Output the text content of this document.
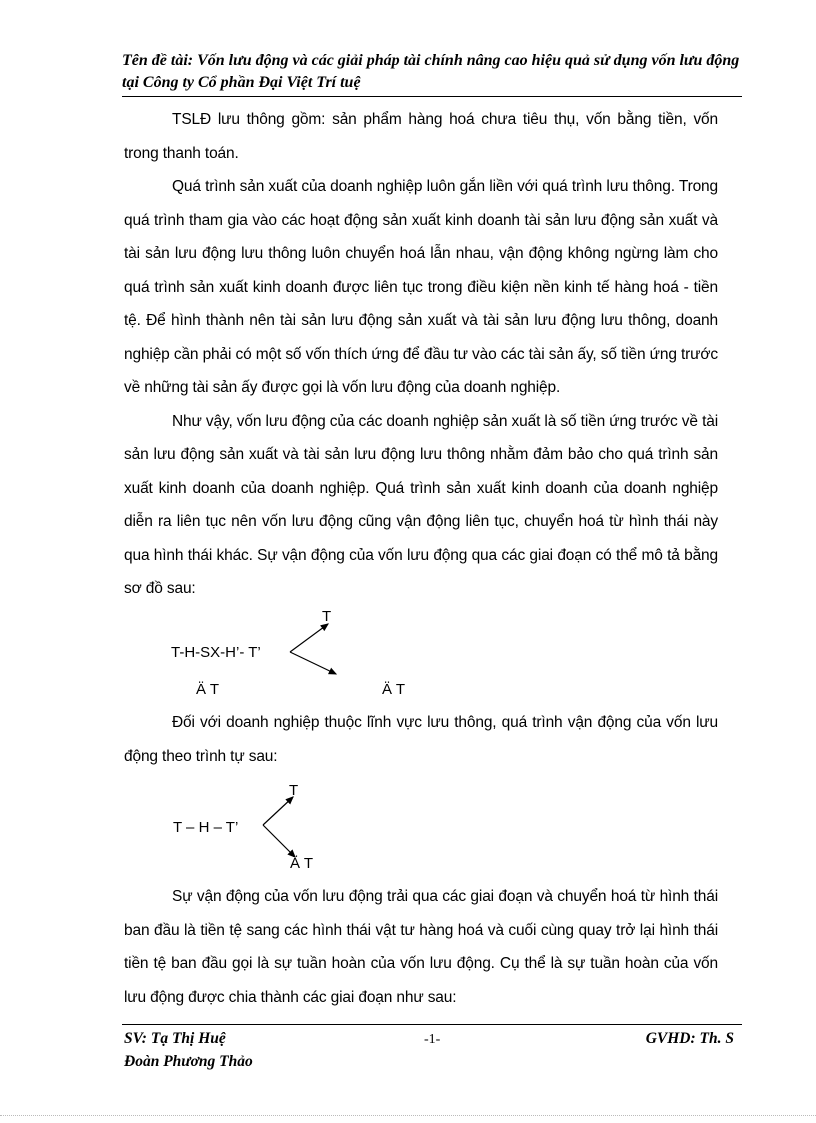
Tên đề tài: Vốn lưu động và các giải pháp tài chính nâng cao hiệu quả sử dụng vốn lưu động tại Công ty Cổ phần Đại Việt Trí tuệ

TSLĐ lưu thông gồm: sản phẩm hàng hoá chưa tiêu thụ, vốn bằng tiền, vốn trong thanh toán.

Quá trình sản xuất của doanh nghiệp luôn gắn liền với quá trình lưu thông. Trong quá trình tham gia vào các hoạt động sản xuất kinh doanh tài sản lưu động sản xuất và tài sản lưu động lưu thông luôn chuyển hoá lẫn nhau, vận động không ngừng làm cho quá trình sản xuất kinh doanh được liên tục trong điều kiện nền kinh tế hàng hoá - tiền tệ. Để hình thành nên tài sản lưu động sản xuất và tài sản lưu động lưu thông, doanh nghiệp cần phải có một số vốn thích ứng để đầu tư vào các tài sản ấy, số tiền ứng trước về những tài sản ấy được gọi là vốn lưu động của doanh nghiệp.

Như vậy, vốn lưu động của các doanh nghiệp sản xuất là số tiền ứng trước về tài sản lưu động sản xuất và tài sản lưu động lưu thông nhằm đảm bảo cho quá trình sản xuất kinh doanh của doanh nghiệp. Quá trình sản xuất kinh doanh của doanh nghiệp diễn ra liên tục nên vốn lưu động cũng vận động liên tục, chuyển hoá từ hình thái này qua hình thái khác. Sự vận động của vốn lưu động qua các giai đoạn có thể mô tả bằng sơ đồ sau:

T-H-SX-H’- T’
T
Ä T	Ä T

Đối với doanh nghiệp thuộc lĩnh vực lưu thông, quá trình vận động của vốn lưu động theo trình tự sau:

T – H – T’
T
Ä T

Sự vận động của vốn lưu động trải qua các giai đoạn và chuyển hoá từ hình thái ban đầu là tiền tệ sang các hình thái vật tư hàng hoá và cuối cùng quay trở lại hình thái tiền tệ ban đầu gọi là sự tuần hoàn của vốn lưu động. Cụ thể là sự tuần hoàn của vốn lưu động được chia thành các giai đoạn như sau:

SV: Tạ Thị Huệ
Đoàn Phương Thảo
-1-	GVHD: Th. S
